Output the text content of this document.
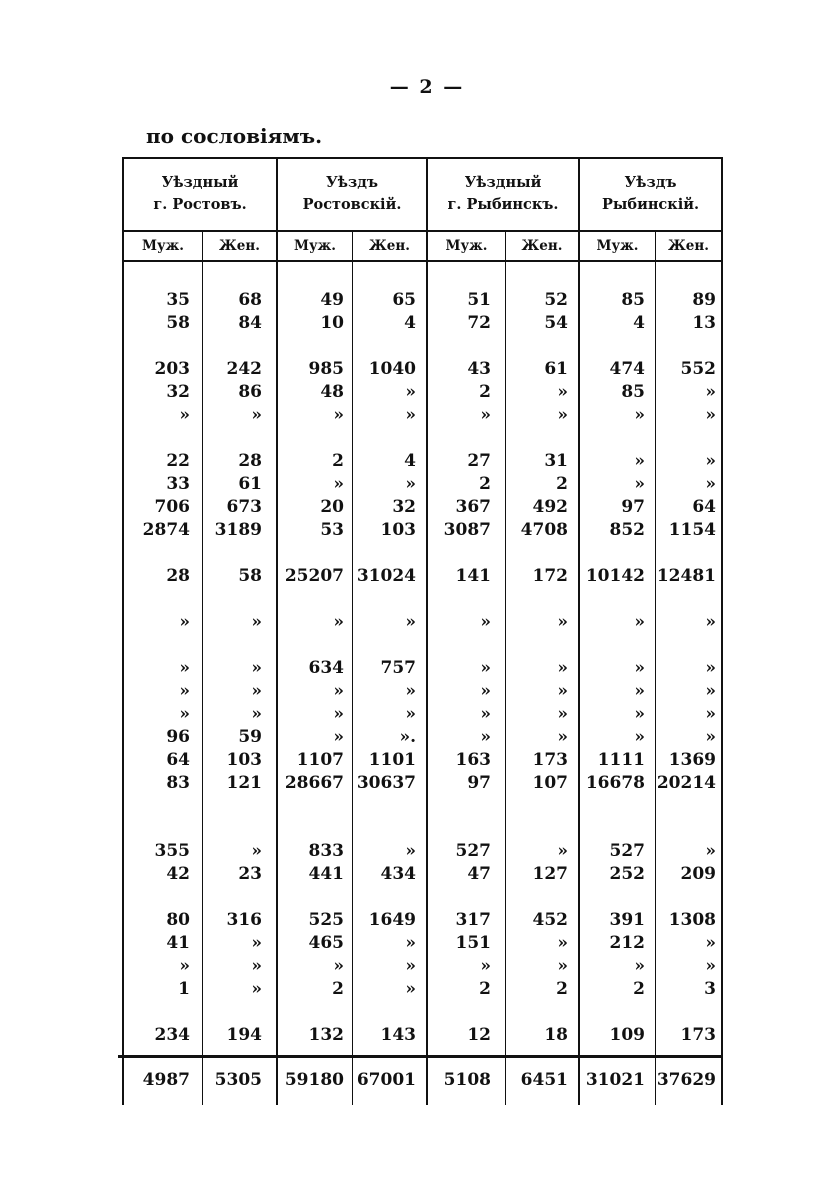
— 2 —
по сословіямъ.
Уѣздный
г. Ростовъ.
Уѣздъ
Ростовскій.
Уѣздный
г. Рыбинскъ.
Уѣздъ
Рыбинскій.
Муж.	Жен.	Муж.	Жен.	Муж.	Жен.	Муж.	Жен.
35	68	49	65	51	52	85	89
58	84	10	4	72	54	4	13
203	242	985	1040	43	61	474	552
32	86	48	»	2	»	85	»
»	»	»	»	»	»	»	»
22	28	2	4	27	31	»	»
33	61	»	»	2	2	»	»
706	673	20	32	367	492	97	64
2874	3189	53	103	3087	4708	852	1154
28	58	25207 31024	141	172	10142 12481
»	»	»	»	»	»	»	»
»	»	634	757	»	»	»	»
»	»	»	»	»	»	»	»
»	»	»	»	»	»	»	»
96	59	»	».	»	»	»	»
64	103	1107	1101	163	173	1111	1369
83	121	28667 30637	97	107	16678 20214
355	»	833	»	527	»	527	»
42	23	441	434	47	127	252	209
80	316	525	1649	317	452	391	1308
41	»	465	»	151	»	212	»
»	»	»	»	»	»	»	»
1	»	2	»	2	2	2	3
234	194	132	143	12	18	109	173
4987	5305	59180 67001	5108	6451	31021 37629
